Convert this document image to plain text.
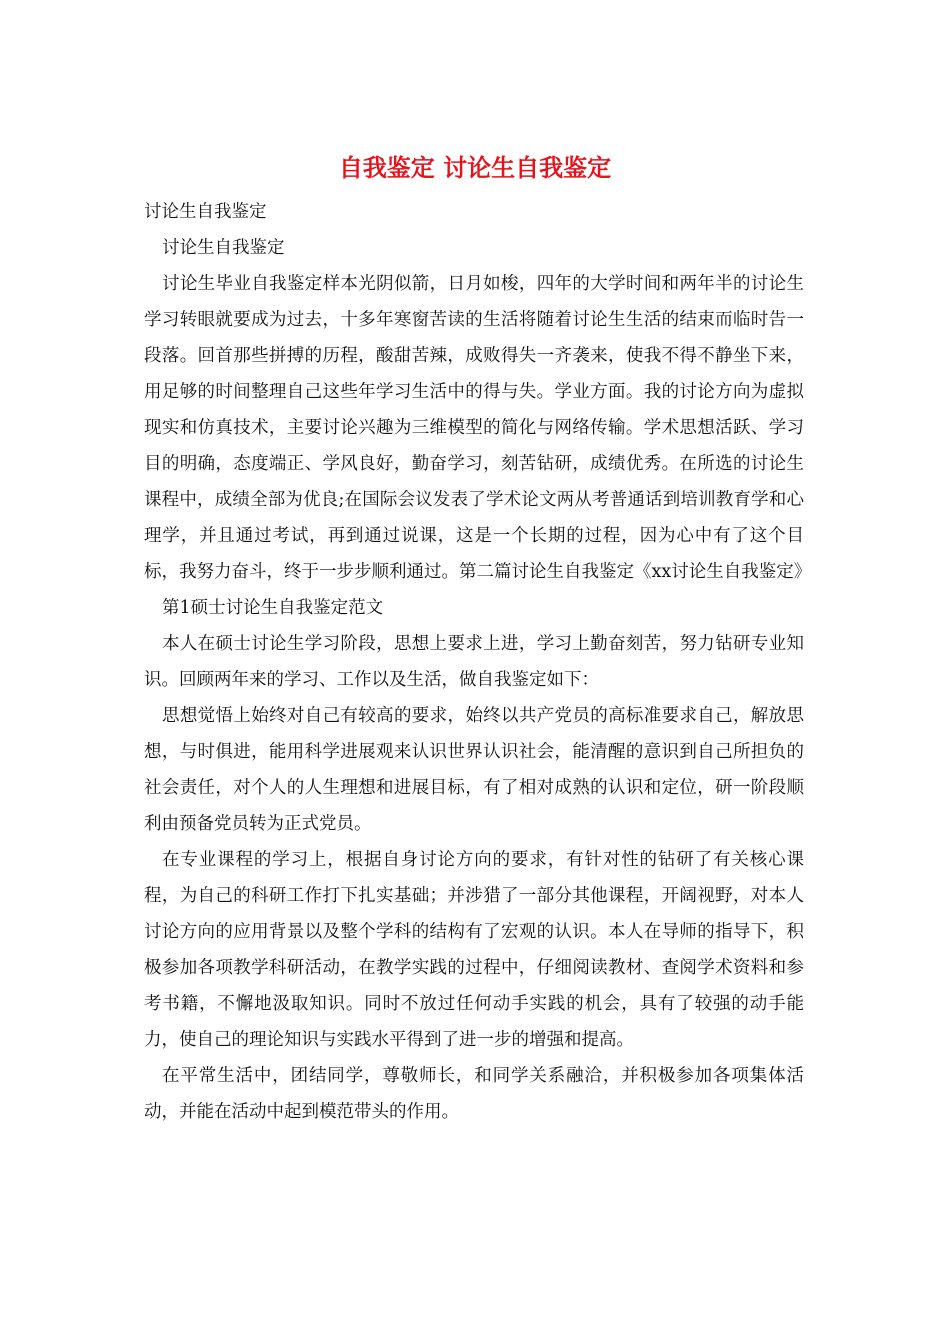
自我鉴定 讨论生自我鉴定

讨论生自我鉴定

讨论生自我鉴定

讨论生毕业自我鉴定样本光阴似箭，日月如梭，四年的大学时间和两年半的讨论生学习转眼就要成为过去，十多年寒窗苦读的生活将随着讨论生生活的结束而临时告一段落。回首那些拼搏的历程，酸甜苦辣，成败得失一齐袭来，使我不得不静坐下来，用足够的时间整理自己这些年学习生活中的得与失。学业方面。我的讨论方向为虚拟现实和仿真技术，主要讨论兴趣为三维模型的简化与网络传输。学术思想活跃、学习目的明确，态度端正、学风良好，勤奋学习，刻苦钻研，成绩优秀。在所选的讨论生课程中，成绩全部为优良;在国际会议发表了学术论文两从考普通话到培训教育学和心理学，并且通过考试，再到通过说课，这是一个长期的过程，因为心中有了这个目标，我努力奋斗，终于一步步顺利通过。第二篇讨论生自我鉴定《xx讨论生自我鉴定》

第1硕士讨论生自我鉴定范文

本人在硕士讨论生学习阶段，思想上要求上进，学习上勤奋刻苦，努力钻研专业知识。回顾两年来的学习、工作以及生活，做自我鉴定如下：

思想觉悟上始终对自己有较高的要求，始终以共产党员的高标准要求自己，解放思想，与时俱进，能用科学进展观来认识世界认识社会，能清醒的意识到自己所担负的社会责任，对个人的人生理想和进展目标，有了相对成熟的认识和定位，研一阶段顺利由预备党员转为正式党员。

在专业课程的学习上，根据自身讨论方向的要求，有针对性的钻研了有关核心课程，为自己的科研工作打下扎实基础；并涉猎了一部分其他课程，开阔视野，对本人讨论方向的应用背景以及整个学科的结构有了宏观的认识。本人在导师的指导下，积极参加各项教学科研活动，在教学实践的过程中，仔细阅读教材、查阅学术资料和参考书籍，不懈地汲取知识。同时不放过任何动手实践的机会，具有了较强的动手能力，使自己的理论知识与实践水平得到了进一步的增强和提高。

在平常生活中，团结同学，尊敬师长，和同学关系融洽，并积极参加各项集体活动，并能在活动中起到模范带头的作用。
